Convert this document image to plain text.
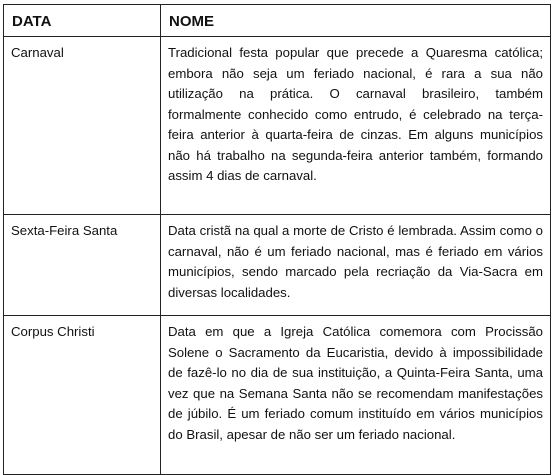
DATA	NOME
Carnaval	Tradicional festa popular que precede a Quaresma católica; embora não seja um feriado nacional, é rara a sua não utilização na prática. O carnaval brasileiro, também formalmente conhecido como entrudo, é celebrado na terça-feira anterior à quarta-feira de cinzas. Em alguns municípios não há trabalho na segunda-feira anterior também, formando assim 4 dias de carnaval.
Sexta-Feira Santa	Data cristã na qual a morte de Cristo é lembrada. Assim como o carnaval, não é um feriado nacional, mas é feriado em vários municípios, sendo marcado pela recriação da Via-Sacra em diversas localidades.
Corpus Christi	Data em que a Igreja Católica comemora com Procissão Solene o Sacramento da Eucaristia, devido à impossibilidade de fazê-lo no dia de sua instituição, a Quinta-Feira Santa, uma vez que na Semana Santa não se recomendam manifestações de júbilo. É um feriado comum instituído em vários municípios do Brasil, apesar de não ser um feriado nacional.
